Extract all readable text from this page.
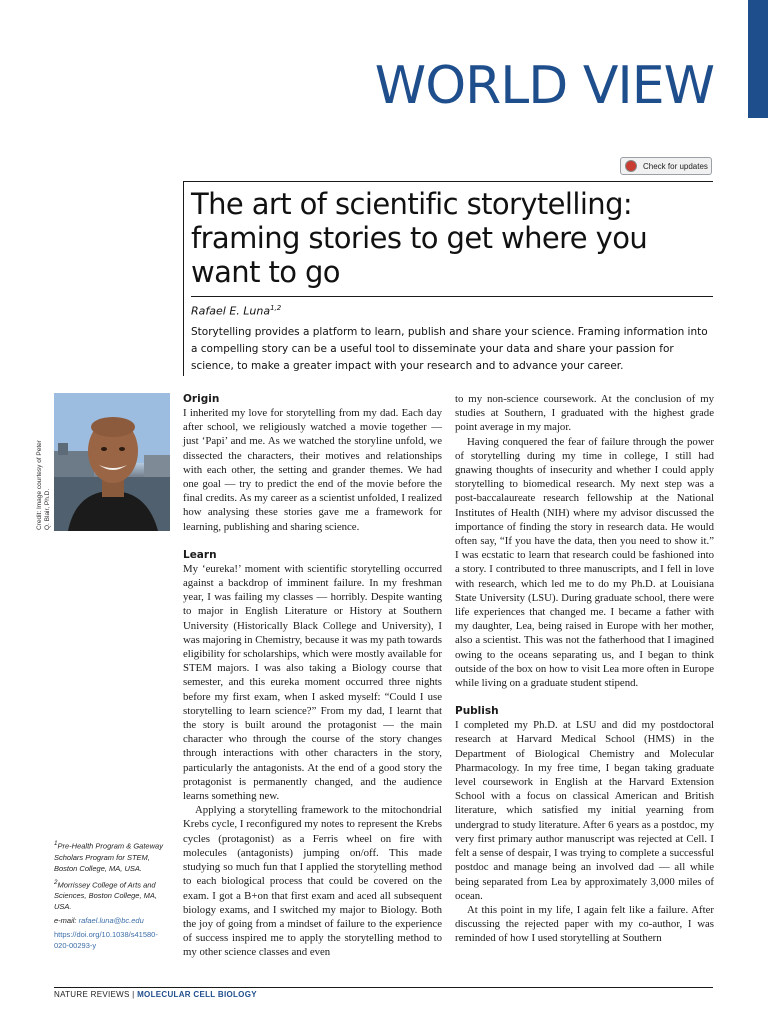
WORLD VIEW
Check for updates
The art of scientific storytelling: framing stories to get where you want to go
Rafael E. Luna$^{1,2}$
Storytelling provides a platform to learn, publish and share your science. Framing information into a compelling story can be a useful tool to disseminate your data and share your passion for science, to make a greater impact with your research and to advance your career.
Credit: Image courtesy of Peter Q. Blair, Ph.D.
Origin

I inherited my love for storytelling from my dad. Each day after school, we religiously watched a movie together — just ‘Papi’ and me. As we watched the storyline unfold, we dissected the characters, their motives and relationships with each other, the setting and grander themes. We had one goal — try to predict the end of the movie before the final credits. As my career as a scientist unfolded, I realized how analysing these stories gave me a framework for learning, publishing and sharing science.

Learn

My ‘eureka!’ moment with scientific storytelling occurred against a backdrop of imminent failure. In my freshman year, I was failing my classes — horribly. Despite wanting to major in English Literature or History at Southern University (Historically Black College and University), I was majoring in Chemistry, because it was my path towards eligibility for scholarships, which were mostly available for STEM majors. I was also taking a Biology course that semester, and this eureka moment occurred three nights before my first exam, when I asked myself: “Could I use storytelling to learn science?” From my dad, I learnt that the story is built around the protagonist — the main character who through the course of the story changes through interactions with other characters in the story, particularly the antagonists. At the end of a good story the protagonist is permanently changed, and the audience learns something new.

Applying a storytelling framework to the mitochondrial Krebs cycle, I reconfigured my notes to represent the Krebs cycles (protagonist) as a Ferris wheel on fire with molecules (antagonists) jumping on/off. This made studying so much fun that I applied the storytelling method to each biological process that could be covered on the exam. I got a B+on that first exam and aced all subsequent biology exams, and I switched my major to Biology. Both the joy of going from a mindset of failure to the experience of success inspired me to apply the storytelling method to my other science classes and even

to my non-science coursework. At the conclusion of my studies at Southern, I graduated with the highest grade point average in my major.

Having conquered the fear of failure through the power of storytelling during my time in college, I still had gnawing thoughts of insecurity and whether I could apply storytelling to biomedical research. My next step was a post-baccalaureate research fellowship at the National Institutes of Health (NIH) where my advisor discussed the importance of finding the story in research data. He would often say, “If you have the data, then you need to show it.” I was ecstatic to learn that research could be fashioned into a story. I contributed to three manuscripts, and I fell in love with research, which led me to do my Ph.D. at Louisiana State University (LSU). During graduate school, there were life experiences that changed me. I became a father with my daughter, Lea, being raised in Europe with her mother, also a scientist. This was not the fatherhood that I imagined owing to the oceans separating us, and I began to think outside of the box on how to visit Lea more often in Europe while living on a graduate student stipend.

Publish

I completed my Ph.D. at LSU and did my postdoctoral research at Harvard Medical School (HMS) in the Department of Biological Chemistry and Molecular Pharmacology. In my free time, I began taking graduate level coursework in English at the Harvard Extension School with a focus on classical American and British literature, which satisfied my initial yearning from undergrad to study literature. After 6 years as a postdoc, my very first primary author manuscript was rejected at Cell. I felt a sense of despair, I was trying to complete a successful postdoc and manage being an involved dad — all while being separated from Lea by approximately 3,000 miles of ocean.

At this point in my life, I again felt like a failure. After discussing the rejected paper with my co-author, I was reminded of how I used storytelling at Southern

$^1$Pre-Health Program & Gateway Scholars Program for STEM, Boston College, MA, USA.

$^2$Morrissey College of Arts and Sciences, Boston College, MA, USA.

e-mail: rafael.luna@bc.edu

https://doi.org/10.1038/s41580-020-00293-y

NATURE REVIEWS | MOLECULAR CELL BIOLOGY
